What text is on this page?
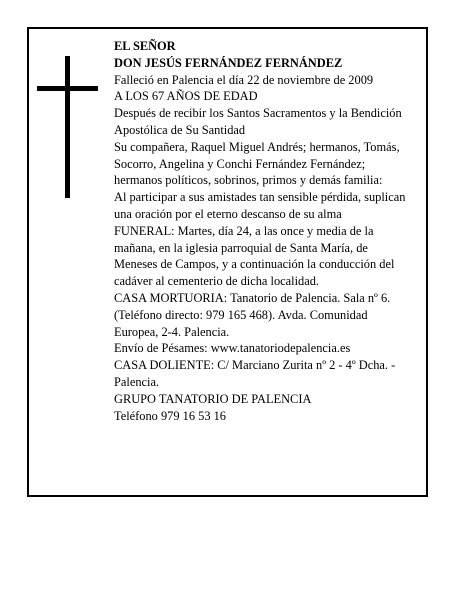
EL SEÑOR

DON JESÚS FERNÁNDEZ FERNÁNDEZ

Falleció en Palencia el día 22 de noviembre de 2009

A LOS 67 AÑOS DE EDAD

Después de recibir los Santos Sacramentos y la Bendición Apostólica de Su Santidad

Su compañera, Raquel Miguel Andrés; hermanos, Tomás, Socorro, Angelina y Conchi Fernández Fernández; hermanos políticos, sobrinos, primos y demás familia:

Al participar a sus amistades tan sensible pérdida, suplican una oración por el eterno descanso de su alma

FUNERAL: Martes, día 24, a las once y media de la mañana, en la iglesia parroquial de Santa María, de Meneses de Campos, y a continuación la conducción del cadáver al cementerio de dicha localidad.

CASA MORTUORIA: Tanatorio de Palencia. Sala nº 6. (Teléfono directo: 979 165 468). Avda. Comunidad Europea, 2-4. Palencia.

Envío de Pésames: www.tanatoriodepalencia.es

CASA DOLIENTE: C/ Marciano Zurita nº 2 - 4º Dcha. - Palencia.

GRUPO TANATORIO DE PALENCIA

Teléfono 979 16 53 16
